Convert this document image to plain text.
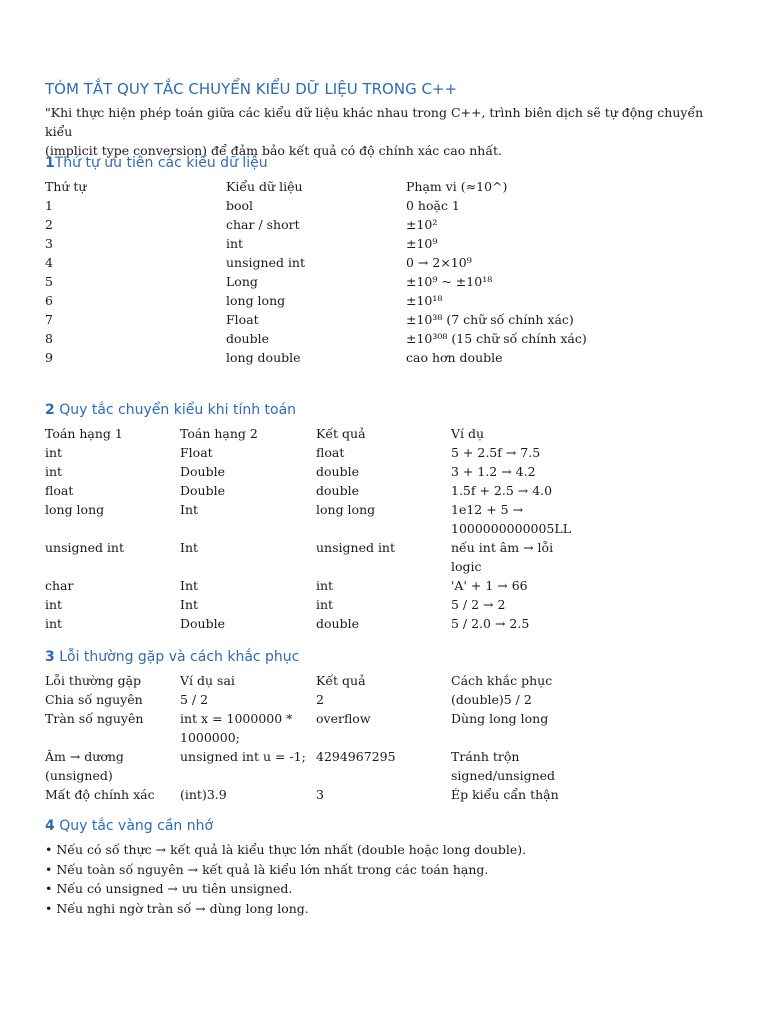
TÓM TẮT QUY TẮC CHUYỂN KIỂU DỮ LIỆU TRONG C++
"Khi thực hiện phép toán giữa các kiểu dữ liệu khác nhau trong C++, trình biên dịch sẽ tự động chuyển kiểu
(implicit type conversion) để đảm bảo kết quả có độ chính xác cao nhất.
1Thứ tự ưu tiên các kiểu dữ liệu
Thứ tự	Kiểu dữ liệu	Phạm vi (≈10^)
1	bool	0 hoặc 1
2	char / short	±10²
3	int	±10⁹
4	unsigned int	0 → 2×10⁹
5	Long	±10⁹ ~ ±10¹⁸
6	long long	±10¹⁸
7	Float	±10³⁸ (7 chữ số chính xác)
8	double	±10³⁰⁸ (15 chữ số chính xác)
9	long double	cao hơn double
2 Quy tắc chuyển kiểu khi tính toán
Toán hạng 1	Toán hạng 2	Kết quả	Ví dụ
int	Float	float	5 + 2.5f → 7.5
int	Double	double	3 + 1.2 → 4.2
float	Double	double	1.5f + 2.5 → 4.0
long long	Int	long long	1e12 + 5 → 1000000000005LL
unsigned int	Int	unsigned int	nếu int âm → lỗi logic
char	Int	int	'A' + 1 → 66
int	Int	int	5 / 2 → 2
int	Double	double	5 / 2.0 → 2.5
3 Lỗi thường gặp và cách khắc phục
Lỗi thường gặp	Ví dụ sai	Kết quả	Cách khắc phục
Chia số nguyên	5 / 2	2	(double)5 / 2
Tràn số nguyên	int x = 1000000 * 1000000;	overflow	Dùng long long
Âm → dương (unsigned)	unsigned int u = -1;	4294967295	Tránh trộn signed/unsigned
Mất độ chính xác	(int)3.9	3	Ép kiểu cẩn thận
4 Quy tắc vàng cần nhớ
• Nếu có số thực → kết quả là kiểu thực lớn nhất (double hoặc long double).
• Nếu toàn số nguyên → kết quả là kiểu lớn nhất trong các toán hạng.
• Nếu có unsigned → ưu tiên unsigned.
• Nếu nghi ngờ tràn số → dùng long long.
